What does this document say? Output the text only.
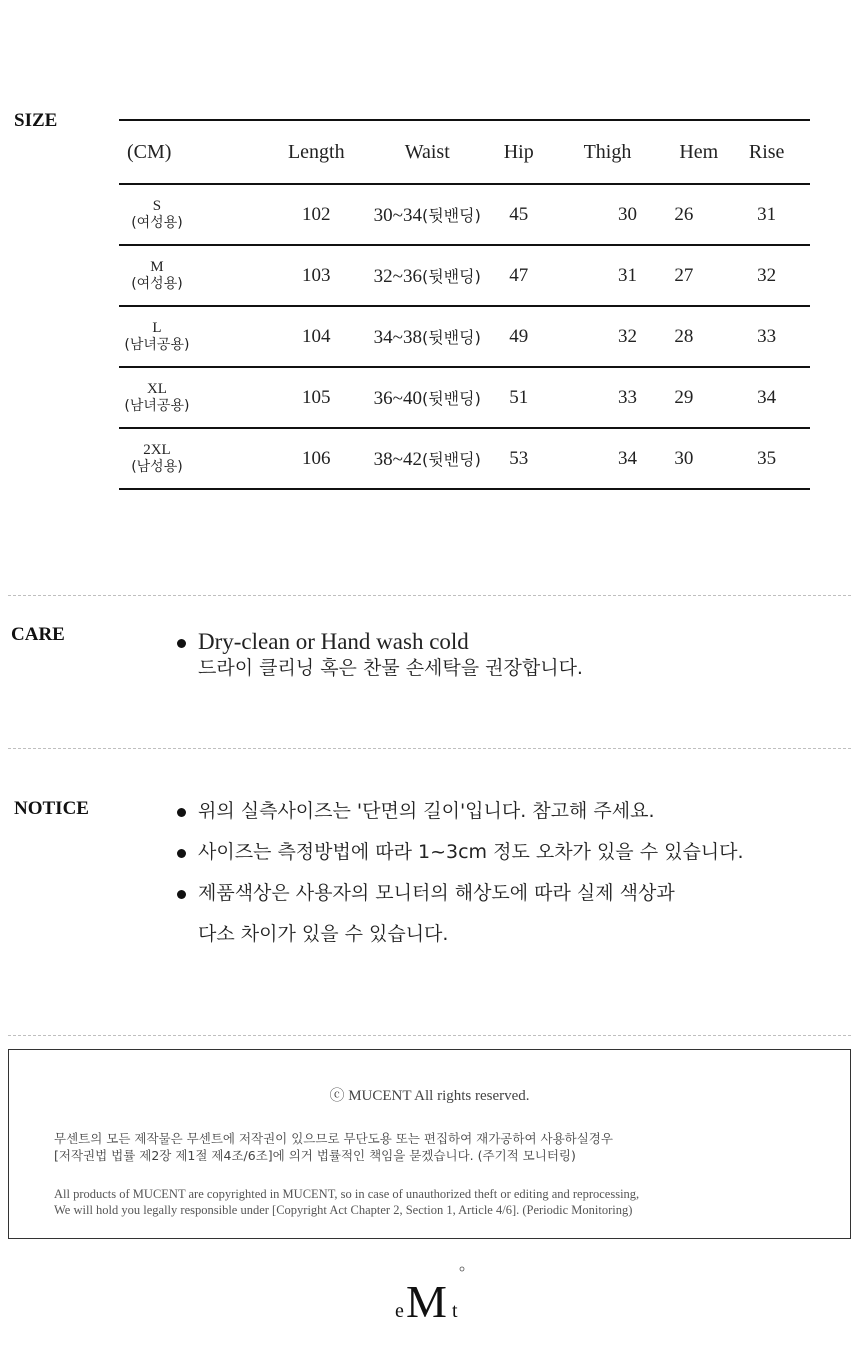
SIZE
(CM)	Length	Waist	Hip	Thigh	Hem	Rise

S
(여성용)	102	30~34(뒷밴딩)	45	30	26	31

M
(여성용)	103	32~36(뒷밴딩)	47	31	27	32

L
(남녀공용)	104	34~38(뒷밴딩)	49	32	28	33

XL
(남녀공용)	105	36~40(뒷밴딩)	51	33	29	34

2XL
(남성용)	106	38~42(뒷밴딩)	53	34	30	35
CARE	Dry-clean or Hand wash cold
드라이 클리닝 혹은 찬물 손세탁을 권장합니다.
NOTICE	위의 실측사이즈는 '단면의 길이'입니다. 참고해 주세요.
사이즈는 측정방법에 따라 1~3cm 정도 오차가 있을 수 있습니다.
제품색상은 사용자의 모니터의 해상도에 따라 실제 색상과
다소 차이가 있을 수 있습니다.
ⓒ MUCENT All rights reserved.
무센트의 모든 제작물은 무센트에 저작권이 있으므로 무단도용 또는 편집하여 재가공하여 사용하실경우
[저작권법 법률 제2장 제1절 제4조/6조]에 의거 법률적인 책임을 묻겠습니다. (주기적 모니터링)
All products of MUCENT are copyrighted in MUCENT, so in case of unauthorized theft or editing and reprocessing,
We will hold you legally responsible under [Copyright Act Chapter 2, Section 1, Article 4/6]. (Periodic Monitoring)
e M t
